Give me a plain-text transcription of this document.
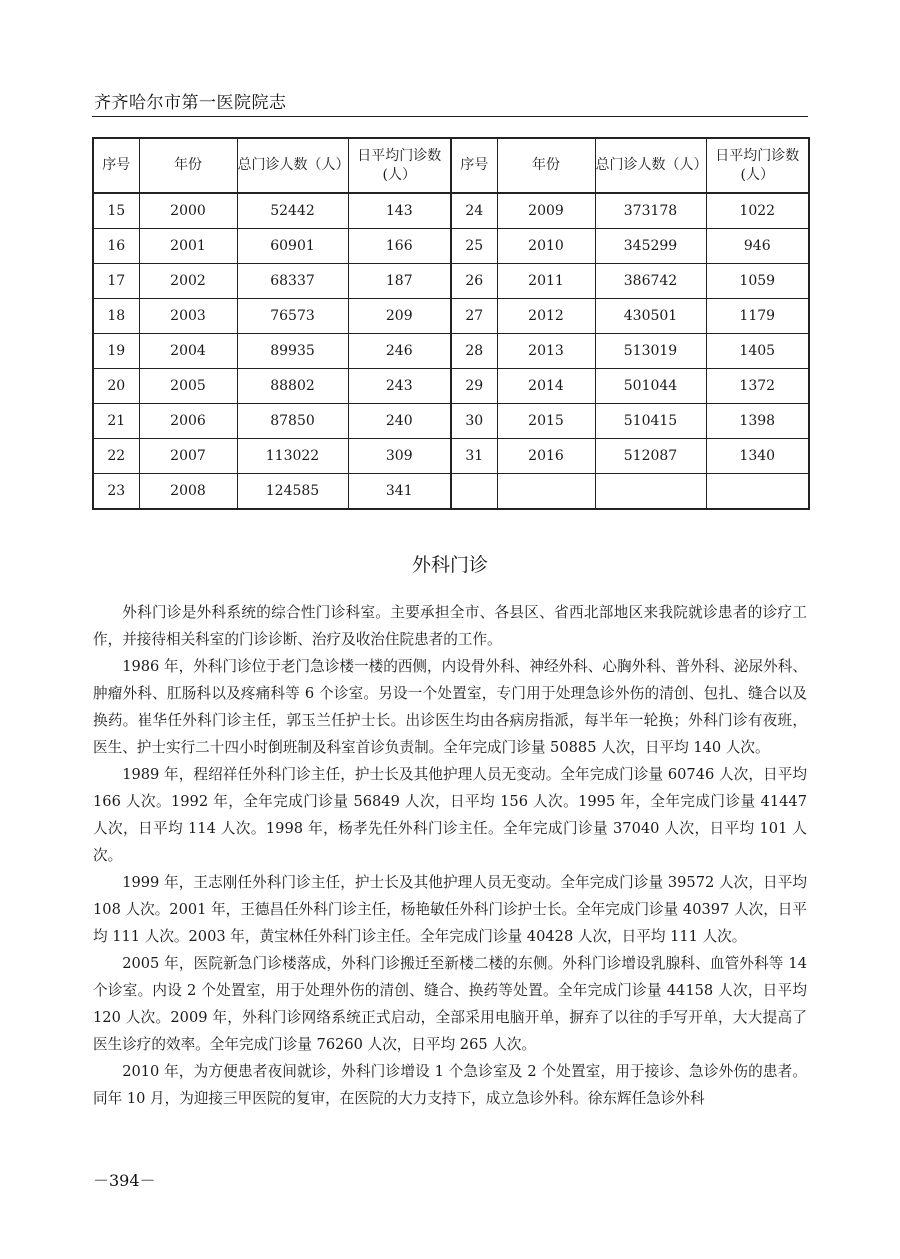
齐齐哈尔市第一医院院志
序号	年份	总门诊人数（人）	日平均门诊数(人）	序号	年份	总门诊人数（人）	日平均门诊数(人）
15	2000	52442	143	24	2009	373178	1022
16	2001	60901	166	25	2010	345299	946
17	2002	68337	187	26	2011	386742	1059
18	2003	76573	209	27	2012	430501	1179
19	2004	89935	246	28	2013	513019	1405
20	2005	88802	243	29	2014	501044	1372
21	2006	87850	240	30	2015	510415	1398
22	2007	113022	309	31	2016	512087	1340
23	2008	124585	341				
外科门诊

外科门诊是外科系统的综合性门诊科室。主要承担全市、各县区、省西北部地区来我院就诊患者的诊疗工作，并接待相关科室的门诊诊断、治疗及收治住院患者的工作。

1986 年，外科门诊位于老门急诊楼一楼的西侧，内设骨外科、神经外科、心胸外科、普外科、泌尿外科、肿瘤外科、肛肠科以及疼痛科等 6 个诊室。另设一个处置室，专门用于处理急诊外伤的清创、包扎、缝合以及换药。崔华任外科门诊主任，郭玉兰任护士长。出诊医生均由各病房指派，每半年一轮换；外科门诊有夜班，医生、护士实行二十四小时倒班制及科室首诊负责制。全年完成门诊量 50885 人次，日平均 140 人次。

1989 年，程绍祥任外科门诊主任，护士长及其他护理人员无变动。全年完成门诊量 60746 人次，日平均 166 人次。1992 年，全年完成门诊量 56849 人次，日平均 156 人次。1995 年，全年完成门诊量 41447 人次，日平均 114 人次。1998 年，杨孝先任外科门诊主任。全年完成门诊量 37040 人次，日平均 101 人次。

1999 年，王志刚任外科门诊主任，护士长及其他护理人员无变动。全年完成门诊量 39572 人次，日平均 108 人次。2001 年，王德昌任外科门诊主任，杨艳敏任外科门诊护士长。全年完成门诊量 40397 人次，日平均 111 人次。2003 年，黄宝林任外科门诊主任。全年完成门诊量 40428 人次，日平均 111 人次。

2005 年，医院新急门诊楼落成，外科门诊搬迁至新楼二楼的东侧。外科门诊增设乳腺科、血管外科等 14 个诊室。内设 2 个处置室，用于处理外伤的清创、缝合、换药等处置。全年完成门诊量 44158 人次，日平均 120 人次。2009 年，外科门诊网络系统正式启动，全部采用电脑开单，摒弃了以往的手写开单，大大提高了医生诊疗的效率。全年完成门诊量 76260 人次，日平均 265 人次。

2010 年，为方便患者夜间就诊，外科门诊增设 1 个急诊室及 2 个处置室，用于接诊、急诊外伤的患者。同年 10 月，为迎接三甲医院的复审，在医院的大力支持下，成立急诊外科。徐东辉任急诊外科

－394－
